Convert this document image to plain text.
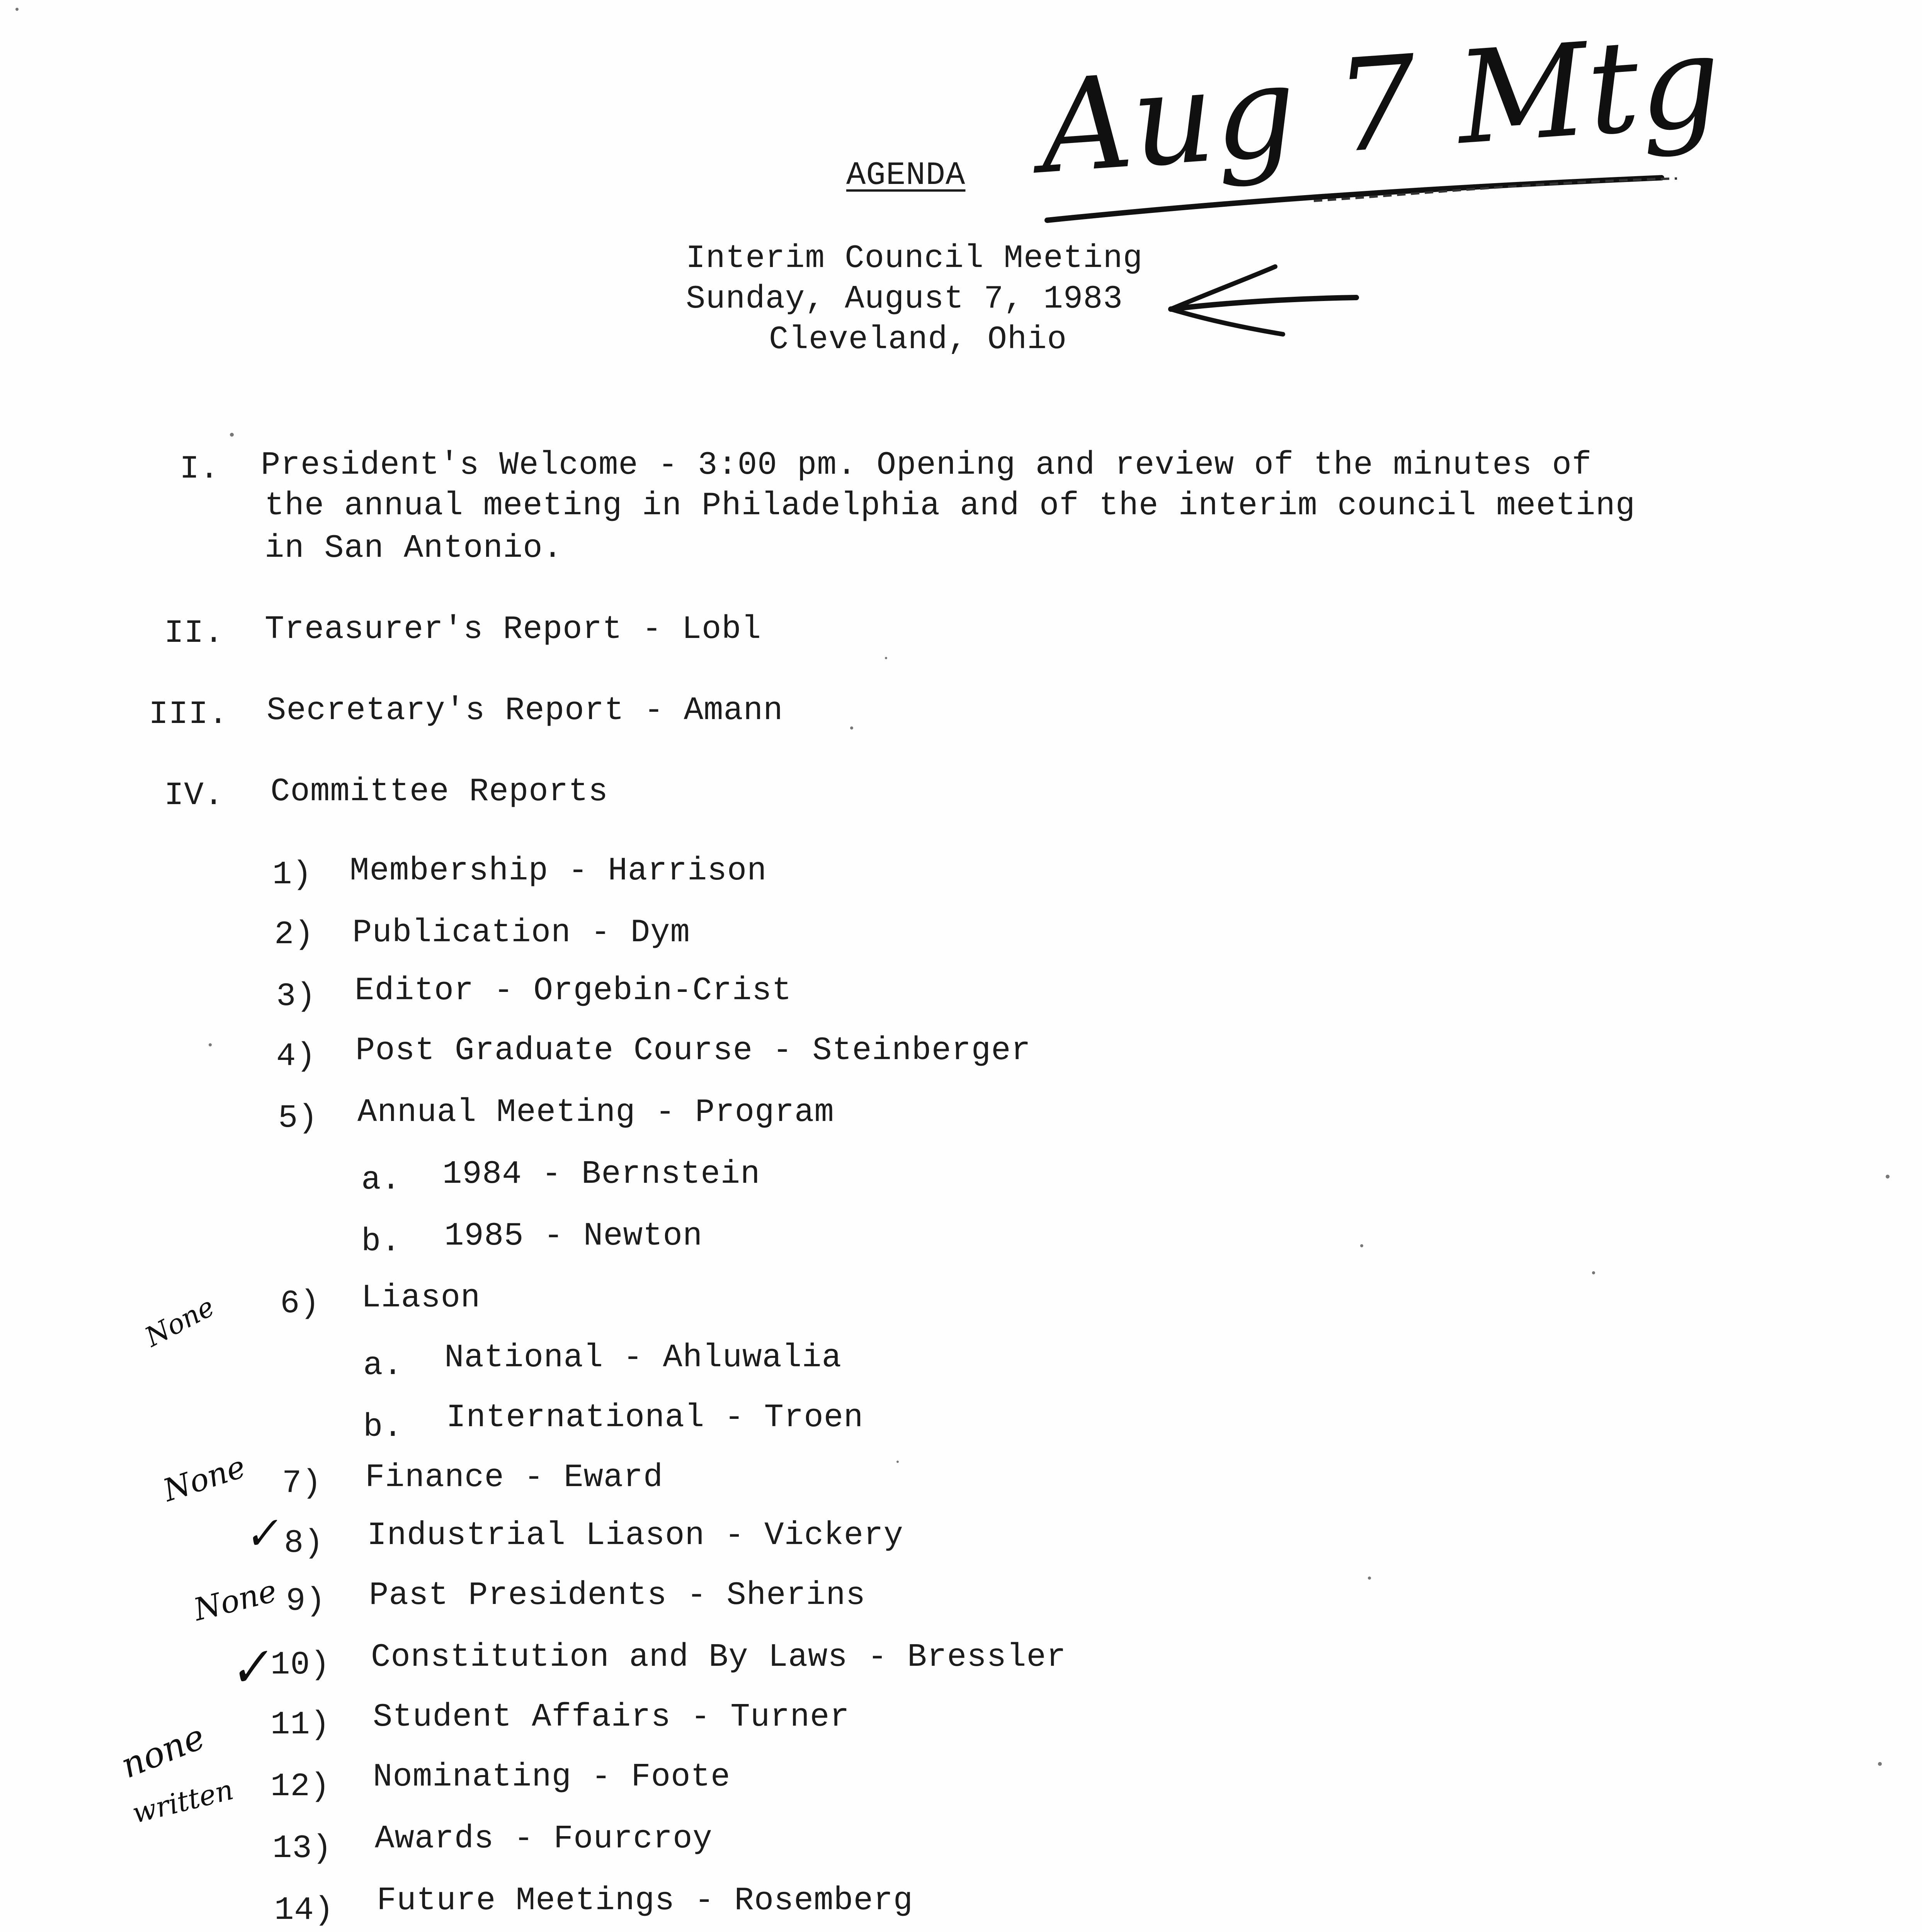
AGENDA
Interim Council Meeting
Sunday, August 7, 1983
Cleveland, Ohio
Aug 7 Mtg
I. President's Welcome - 3:00 pm. Opening and review of the minutes of
the annual meeting in Philadelphia and of the interim council meeting
in San Antonio.
II. Treasurer's Report - Lobl
III. Secretary's Report - Amann
IV. Committee Reports
1) Membership - Harrison
2) Publication - Dym
3) Editor - Orgebin-Crist
4) Post Graduate Course - Steinberger
5) Annual Meeting - Program
a. 1984 - Bernstein
b. 1985 - Newton
6) Liason
a. National - Ahluwalia
b. International - Troen
7) Finance - Eward
8) Industrial Liason - Vickery
9) Past Presidents - Sherins
10) Constitution and By Laws - Bressler
11) Student Affairs - Turner
12) Nominating - Foote
13) Awards - Fourcroy
14) Future Meetings - Rosemberg
None
None
✓
None
✓
none
written
